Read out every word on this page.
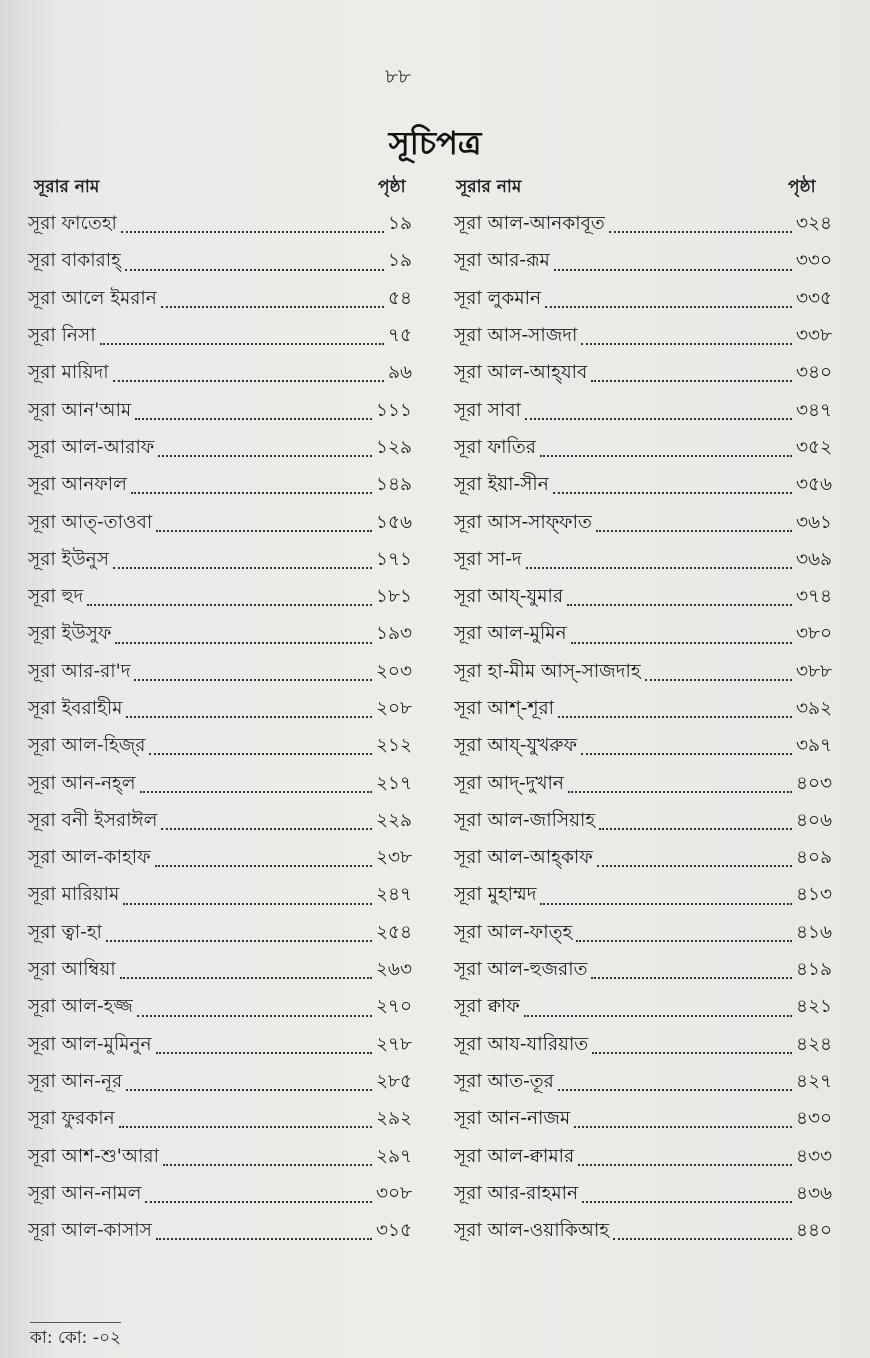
৮৮
সূচিপত্র
সূরার নাম	পৃষ্ঠা	সূরার নাম	পৃষ্ঠা
সূরা ফাতেহা	১৯
সূরা বাকারাহ্	১৯
সূরা আলে ইমরান	৫৪
সূরা নিসা	৭৫
সূরা মায়িদা	৯৬
সূরা আন'আম	১১১
সূরা আল-আরাফ	১২৯
সূরা আনফাল	১৪৯
সূরা আত্-তাওবা	১৫৬
সূরা ইউনুস	১৭১
সূরা হুদ	১৮১
সূরা ইউসুফ	১৯৩
সূরা আর-রা'দ	২০৩
সূরা ইবরাহীম	২০৮
সূরা আল-হিজ্‌র	২১২
সূরা আন-নহ্‌ল	২১৭
সূরা বনী ইসরাঈল	২২৯
সূরা আল-কাহাফ	২৩৮
সূরা মারিয়াম	২৪৭
সূরা ত্বা-হা	২৫৪
সূরা আম্বিয়া	২৬৩
সূরা আল-হজ্জ	২৭০
সূরা আল-মুমিনুন	২৭৮
সূরা আন-নূর	২৮৫
সূরা ফুরকান	২৯২
সূরা আশ-শু'আরা	২৯৭
সূরা আন-নামল	৩০৮
সূরা আল-কাসাস	৩১৫
সূরা আল-আনকাবূত	৩২৪
সূরা আর-রূম	৩৩০
সূরা লুকমান	৩৩৫
সূরা আস-সাজদা	৩৩৮
সূরা আল-আহ্‌যাব	৩৪০
সূরা সাবা	৩৪৭
সূরা ফাতির	৩৫২
সূরা ইয়া-সীন	৩৫৬
সূরা আস-সাফ্‌ফাত	৩৬১
সূরা সা-দ	৩৬৯
সূরা আয্-যুমার	৩৭৪
সূরা আল-মুমিন	৩৮০
সূরা হা-মীম আস্-সাজদাহ	৩৮৮
সূরা আশ্-শূরা	৩৯২
সূরা আয্-যুখরুফ	৩৯৭
সূরা আদ্-দুখান	৪০৩
সূরা আল-জাসিয়াহ	৪০৬
সূরা আল-আহ্‌কাফ	৪০৯
সূরা মুহাম্মদ	৪১৩
সূরা আল-ফাত্‌হ	৪১৬
সূরা আল-হুজরাত	৪১৯
সূরা ক্বাফ	৪২১
সূরা আয-যারিয়াত	৪২৪
সূরা আত-তূর	৪২৭
সূরা আন-নাজম	৪৩০
সূরা আল-ক্বামার	৪৩৩
সূরা আর-রাহমান	৪৩৬
সূরা আল-ওয়াকিআহ	৪৪০
কা: কো: -০২
